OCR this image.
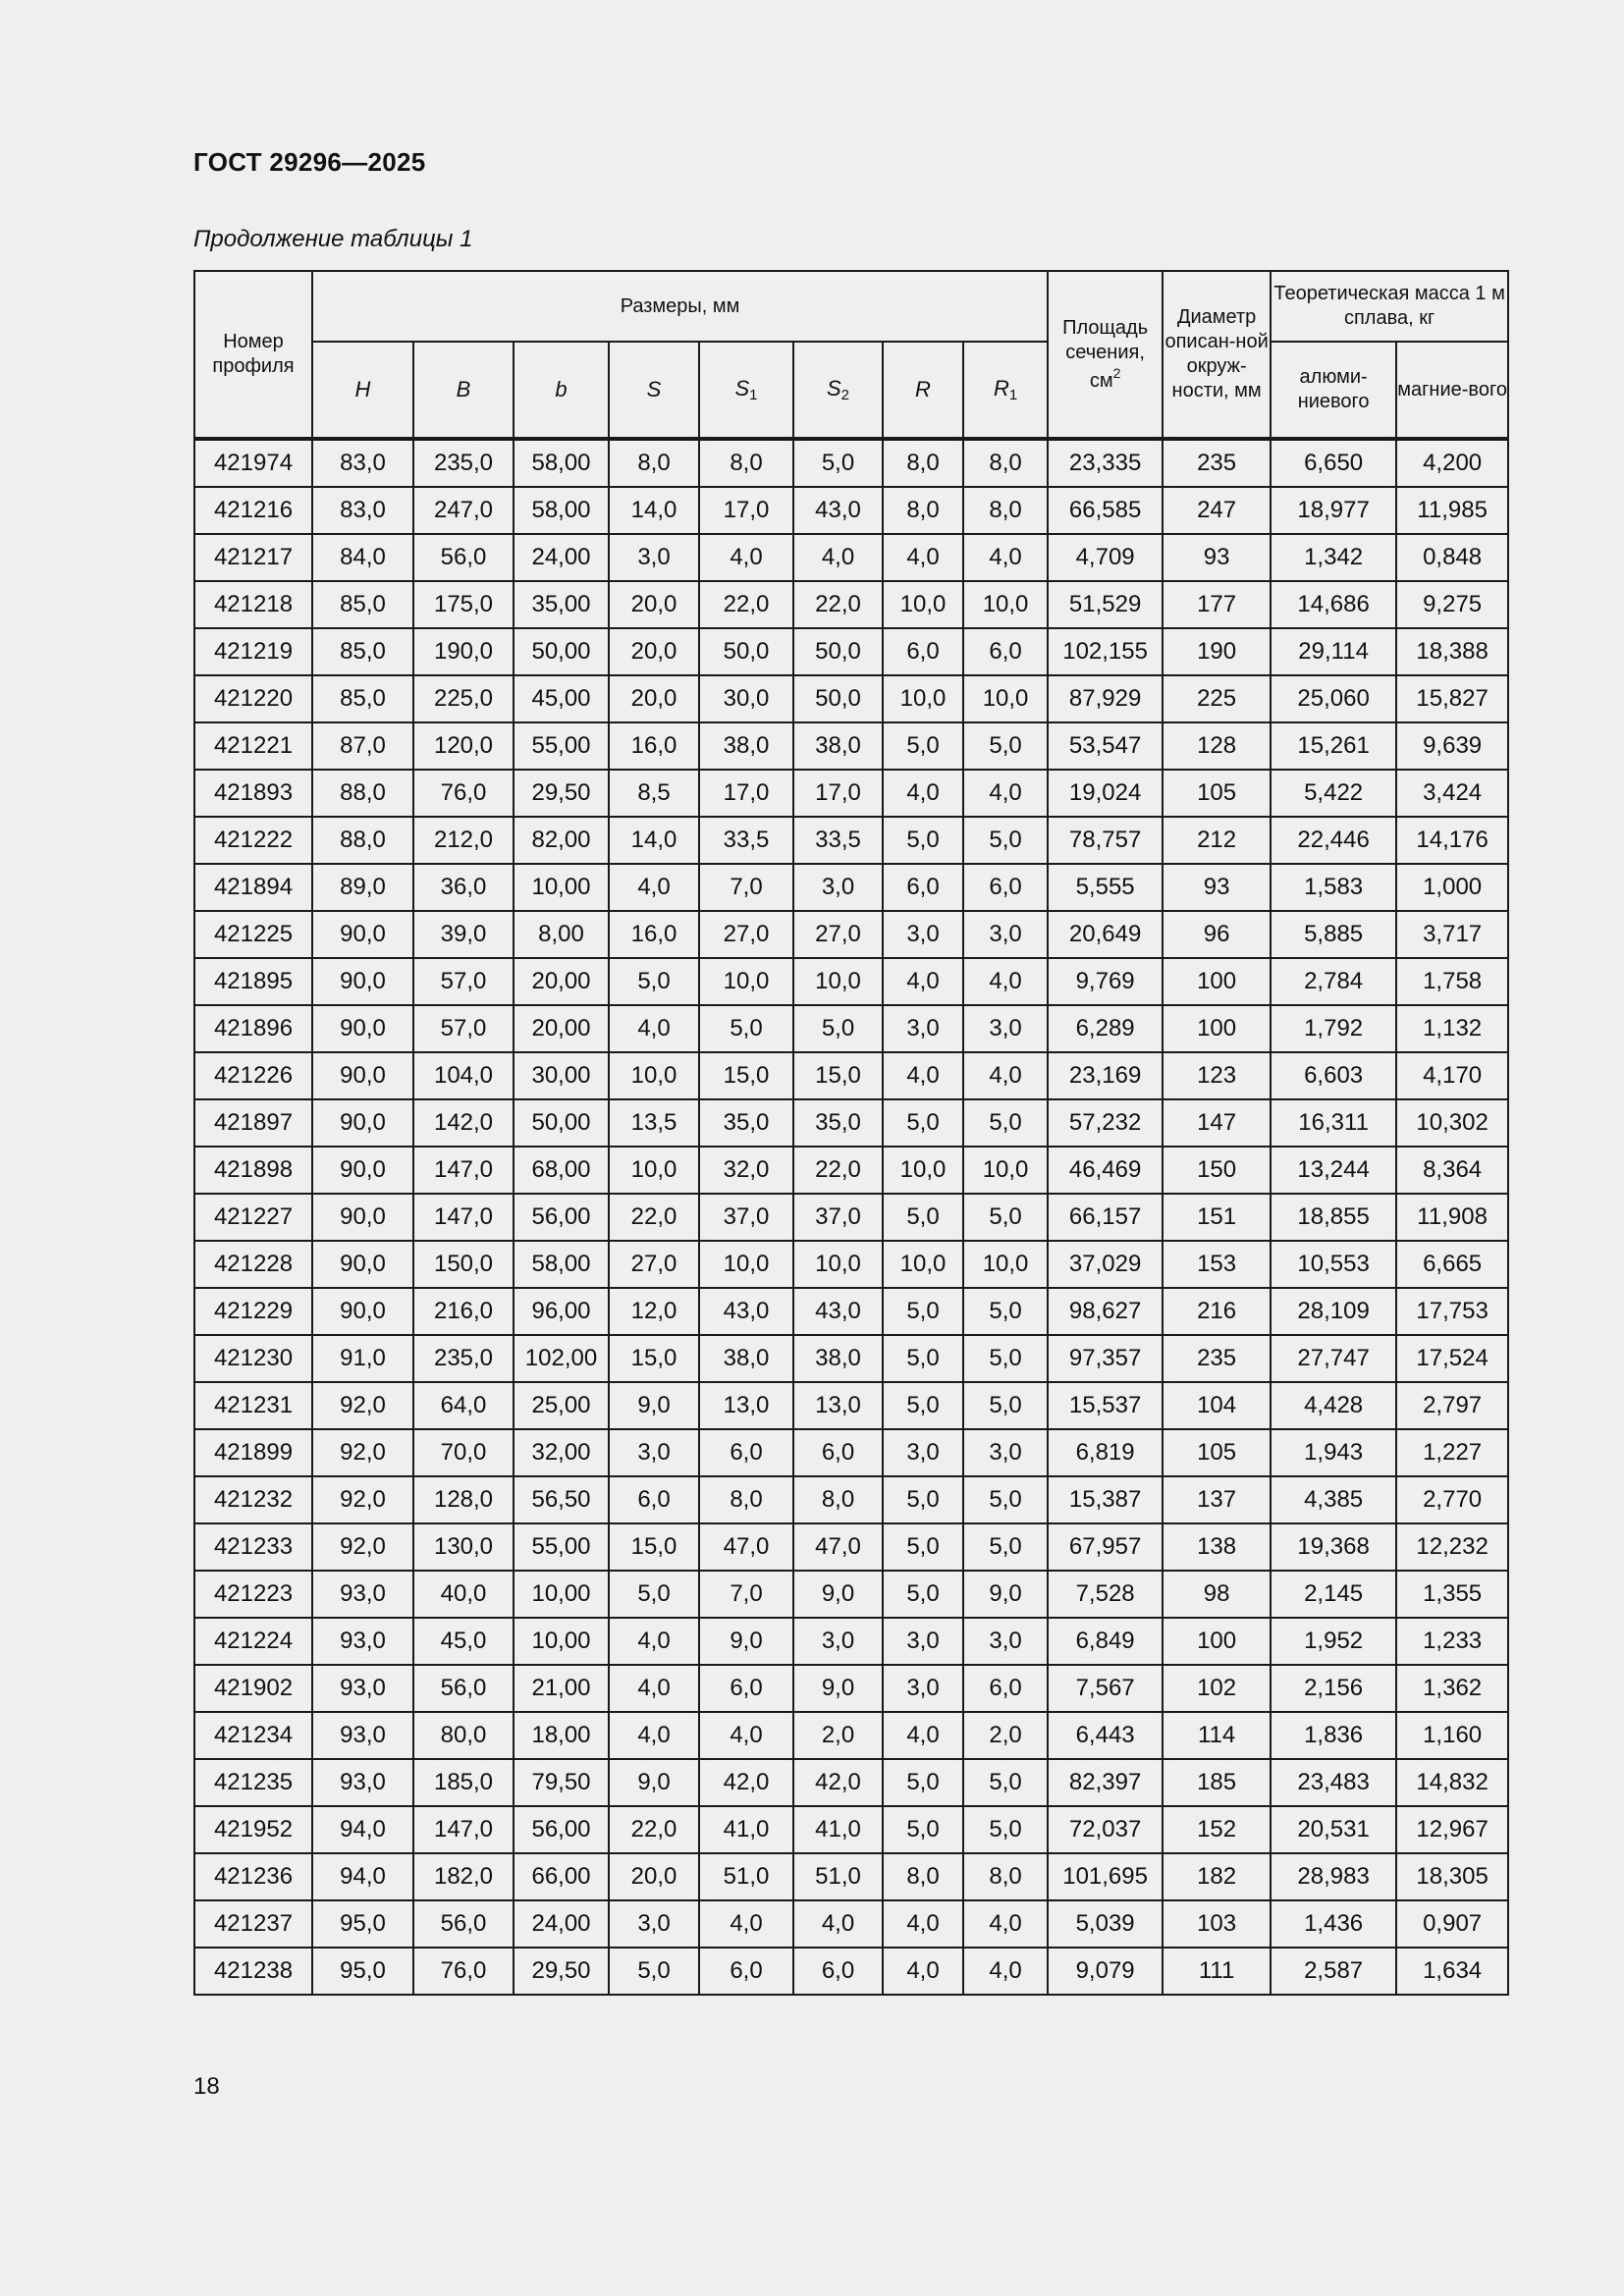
ГОСТ 29296—2025
Продолжение таблицы 1
Номер профиля	Размеры, мм								Площадь сечения, $см^2$	Диаметр описан-ной окруж-ности, мм	Теоретическая масса 1 м сплава, кг	
	H	B	b	S	$S_1$	$S_2$	R	$R_1$			алюми-ниевого	магние-вого
421974	83,0	235,0	58,00	8,0	8,0	5,0	8,0	8,0	23,335	235	6,650	4,200
421216	83,0	247,0	58,00	14,0	17,0	43,0	8,0	8,0	66,585	247	18,977	11,985
421217	84,0	56,0	24,00	3,0	4,0	4,0	4,0	4,0	4,709	93	1,342	0,848
421218	85,0	175,0	35,00	20,0	22,0	22,0	10,0	10,0	51,529	177	14,686	9,275
421219	85,0	190,0	50,00	20,0	50,0	50,0	6,0	6,0	102,155	190	29,114	18,388
421220	85,0	225,0	45,00	20,0	30,0	50,0	10,0	10,0	87,929	225	25,060	15,827
421221	87,0	120,0	55,00	16,0	38,0	38,0	5,0	5,0	53,547	128	15,261	9,639
421893	88,0	76,0	29,50	8,5	17,0	17,0	4,0	4,0	19,024	105	5,422	3,424
421222	88,0	212,0	82,00	14,0	33,5	33,5	5,0	5,0	78,757	212	22,446	14,176
421894	89,0	36,0	10,00	4,0	7,0	3,0	6,0	6,0	5,555	93	1,583	1,000
421225	90,0	39,0	8,00	16,0	27,0	27,0	3,0	3,0	20,649	96	5,885	3,717
421895	90,0	57,0	20,00	5,0	10,0	10,0	4,0	4,0	9,769	100	2,784	1,758
421896	90,0	57,0	20,00	4,0	5,0	5,0	3,0	3,0	6,289	100	1,792	1,132
421226	90,0	104,0	30,00	10,0	15,0	15,0	4,0	4,0	23,169	123	6,603	4,170
421897	90,0	142,0	50,00	13,5	35,0	35,0	5,0	5,0	57,232	147	16,311	10,302
421898	90,0	147,0	68,00	10,0	32,0	22,0	10,0	10,0	46,469	150	13,244	8,364
421227	90,0	147,0	56,00	22,0	37,0	37,0	5,0	5,0	66,157	151	18,855	11,908
421228	90,0	150,0	58,00	27,0	10,0	10,0	10,0	10,0	37,029	153	10,553	6,665
421229	90,0	216,0	96,00	12,0	43,0	43,0	5,0	5,0	98,627	216	28,109	17,753
421230	91,0	235,0	102,00	15,0	38,0	38,0	5,0	5,0	97,357	235	27,747	17,524
421231	92,0	64,0	25,00	9,0	13,0	13,0	5,0	5,0	15,537	104	4,428	2,797
421899	92,0	70,0	32,00	3,0	6,0	6,0	3,0	3,0	6,819	105	1,943	1,227
421232	92,0	128,0	56,50	6,0	8,0	8,0	5,0	5,0	15,387	137	4,385	2,770
421233	92,0	130,0	55,00	15,0	47,0	47,0	5,0	5,0	67,957	138	19,368	12,232
421223	93,0	40,0	10,00	5,0	7,0	9,0	5,0	9,0	7,528	98	2,145	1,355
421224	93,0	45,0	10,00	4,0	9,0	3,0	3,0	3,0	6,849	100	1,952	1,233
421902	93,0	56,0	21,00	4,0	6,0	9,0	3,0	6,0	7,567	102	2,156	1,362
421234	93,0	80,0	18,00	4,0	4,0	2,0	4,0	2,0	6,443	114	1,836	1,160
421235	93,0	185,0	79,50	9,0	42,0	42,0	5,0	5,0	82,397	185	23,483	14,832
421952	94,0	147,0	56,00	22,0	41,0	41,0	5,0	5,0	72,037	152	20,531	12,967
421236	94,0	182,0	66,00	20,0	51,0	51,0	8,0	8,0	101,695	182	28,983	18,305
421237	95,0	56,0	24,00	3,0	4,0	4,0	4,0	4,0	5,039	103	1,436	0,907
421238	95,0	76,0	29,50	5,0	6,0	6,0	4,0	4,0	9,079	111	2,587	1,634
18
